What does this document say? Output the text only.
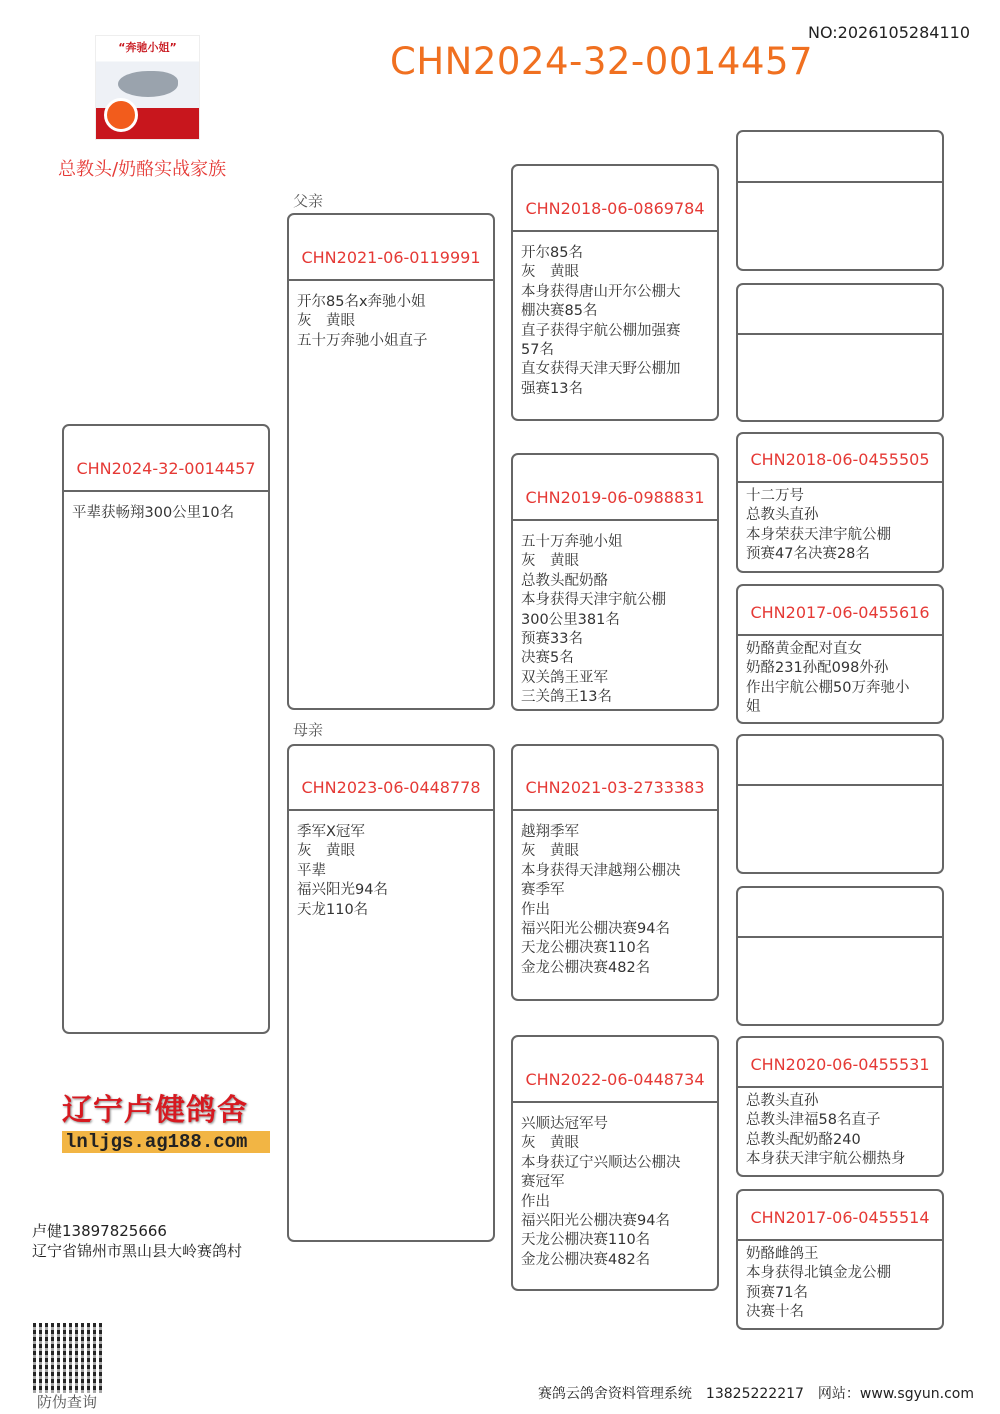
“奔驰小姐”	CHN2024-32-0014457
NO:2026105284110
总教头/奶酪实战家族
父亲
母亲
CHN2024-32-0014457
平辈获畅翔300公里10名
CHN2021-06-0119991
开尔85名x奔驰小姐
灰　黄眼
五十万奔驰小姐直子
CHN2023-06-0448778
季军X冠军
灰　黄眼
平辈
福兴阳光94名
天龙110名
CHN2018-06-0869784
开尔85名
灰　黄眼
本身获得唐山开尔公棚大
棚决赛85名
直子获得宇航公棚加强赛
57名
直女获得天津天野公棚加
强赛13名
CHN2019-06-0988831
五十万奔驰小姐
灰　黄眼
总教头配奶酪
本身获得天津宇航公棚
300公里381名
预赛33名
决赛5名
双关鸽王亚军
三关鸽王13名
CHN2021-03-2733383
越翔季军
灰　黄眼
本身获得天津越翔公棚决
赛季军
作出
福兴阳光公棚决赛94名
天龙公棚决赛110名
金龙公棚决赛482名
CHN2022-06-0448734
兴顺达冠军号
灰　黄眼
本身获辽宁兴顺达公棚决
赛冠军
作出
福兴阳光公棚决赛94名
天龙公棚决赛110名
金龙公棚决赛482名
CHN2018-06-0455505
十二万号
总教头直孙
本身荣获天津宇航公棚
预赛47名决赛28名
CHN2017-06-0455616
奶酪黄金配对直女
奶酪231孙配098外孙
作出宇航公棚50万奔驰小
姐
CHN2020-06-0455531
总教头直孙
总教头津福58名直子
总教头配奶酪240
本身获天津宇航公棚热身
CHN2017-06-0455514
奶酪雌鸽王
本身获得北镇金龙公棚
预赛71名
决赛十名
辽宁卢健鸽舍
lnljgs.ag188.com
卢健13897825666
辽宁省锦州市黑山县大岭赛鸽村
防伪查询	赛鸽云鸽舍资料管理系统　13825222217　网站：www.sgyun.com
